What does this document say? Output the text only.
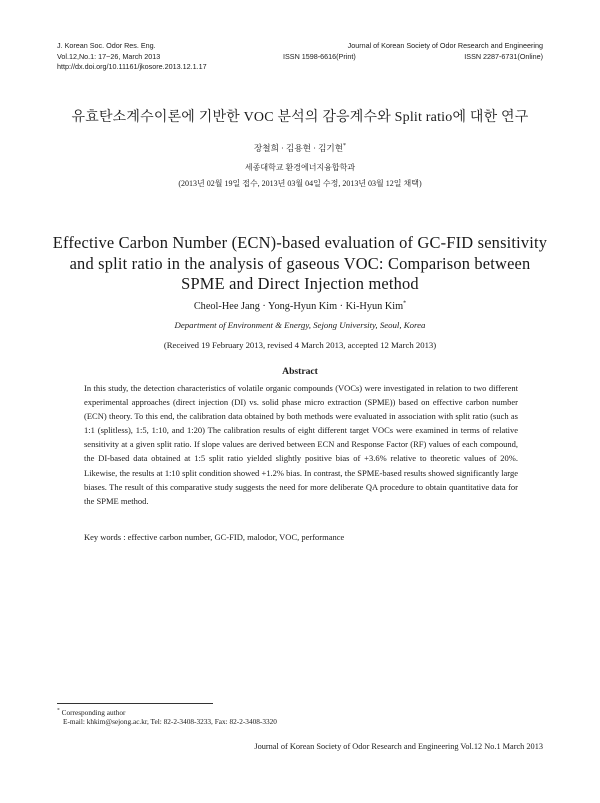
J. Korean Soc. Odor Res. Eng.
Vol.12,No.1: 17~26, March 2013
http://dx.doi.org/10.11161/jkosore.2013.12.1.17
Journal of Korean Society of Odor Research and Engineering
ISSN 1598-6616(Print)	ISSN 2287-6731(Online)
유효탄소계수이론에 기반한 VOC 분석의 감응계수와 Split ratio에 대한 연구
장철희 · 김용현 · 김기현*
세종대학교 환경에너지융합학과
(2013년 02월 19일 접수, 2013년 03월 04일 수정, 2013년 03월 12일 채택)
Effective Carbon Number (ECN)-based evaluation of GC-FID sensitivity
and split ratio in the analysis of gaseous VOC: Comparison between
SPME and Direct Injection method
Cheol-Hee Jang · Yong-Hyun Kim · Ki-Hyun Kim*
Department of Environment & Energy, Sejong University, Seoul, Korea
(Received 19 February 2013, revised 4 March 2013, accepted 12 March 2013)
Abstract

In this study, the detection characteristics of volatile organic compounds (VOCs) were investigated in relation to two different experimental approaches (direct injection (DI) vs. solid phase micro extraction (SPME)) based on effective carbon number (ECN) theory. To this end, the calibration data obtained by both methods were evaluated in association with split ratio (such as 1:1 (splitless), 1:5, 1:10, and 1:20) The calibration results of eight different target VOCs were examined in terms of relative sensitivity at a given split ratio. If slope values are derived between ECN and Response Factor (RF) values of each compound, the DI-based data obtained at 1:5 split ratio yielded slightly positive bias of +3.6% relative to theoretic values of 20%. Likewise, the results at 1:10 split condition showed +1.2% bias. In contrast, the SPME-based results showed significantly large biases. The result of this comparative study suggests the need for more deliberate QA procedure to obtain quantitative data for the SPME method.

Key words : effective carbon number, GC-FID, malodor, VOC, performance
* Corresponding author
E-mail: khkim@sejong.ac.kr, Tel: 82-2-3408-3233, Fax: 82-2-3408-3320
Journal of Korean Society of Odor Research and Engineering Vol.12 No.1 March 2013
